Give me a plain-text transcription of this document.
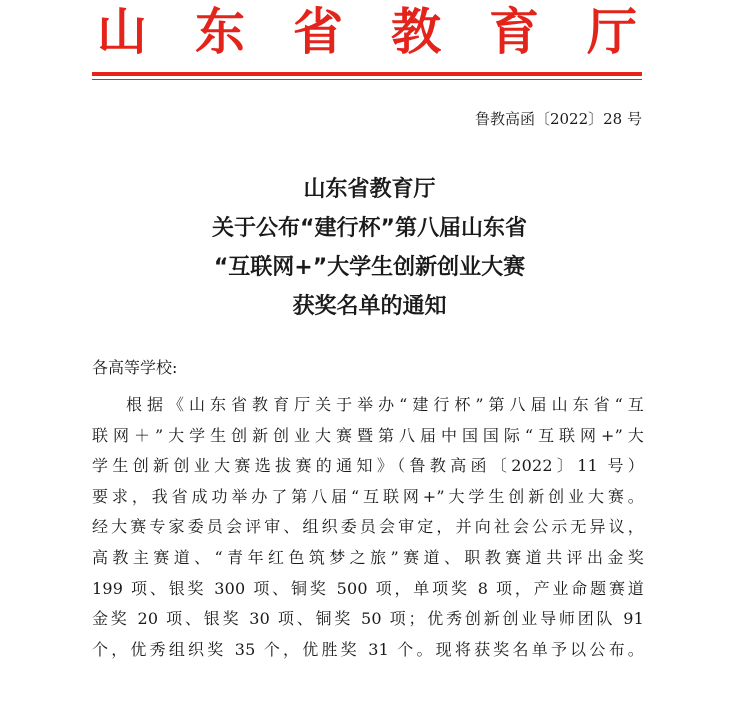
山 东 省 教 育 厅
鲁教高函〔2022〕28 号
山东省教育厅
关于公布“建行杯”第八届山东省
“互联网+”大学生创新创业大赛
获奖名单的通知
各高等学校:
根据《山东省教育厅关于举办“建行杯”第八届山东省“互
联网＋”大学生创新创业大赛暨第八届中国国际“互联网+”大
学生创新创业大赛选拔赛的通知》（鲁教高函〔2022〕11 号）
要求，我省成功举办了第八届“互联网+”大学生创新创业大赛。
经大赛专家委员会评审、组织委员会审定，并向社会公示无异议，
高教主赛道、“青年红色筑梦之旅”赛道、职教赛道共评出金奖
199 项、银奖 300 项、铜奖 500 项，单项奖 8 项，产业命题赛道
金奖 20 项、银奖 30 项、铜奖 50 项；优秀创新创业导师团队 91
个，优秀组织奖 35 个，优胜奖 31 个。现将获奖名单予以公布。
